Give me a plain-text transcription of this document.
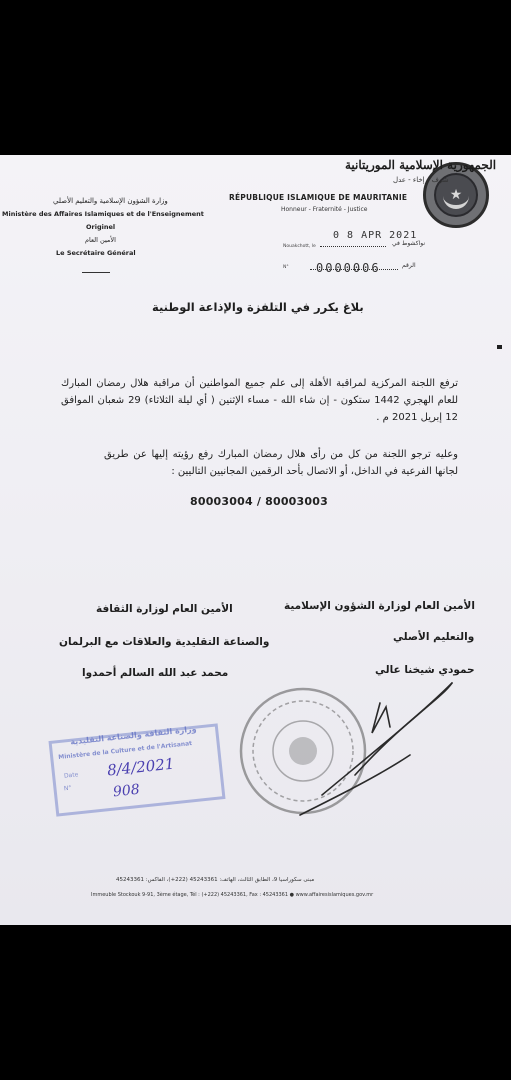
★
الجمهورية الإسلامية الموريتانية
شرف - إخاء - عدل
RÉPUBLIQUE ISLAMIQUE DE MAURITANIE
Honneur - Fraternité - Justice
وزارة الشؤون الإسلامية والتعليم الأصلي
Ministère des Affaires Islamiques et de l'Enseignement
Originel
الأمين العام
Le Secrétaire Général
Nouakchott, le	نواكشوط في
0 8 APR 2021
N°	الرقم
0000006
بلاغ يكرر في التلفزة والإذاعة الوطنية
ترفع اللجنة المركزية لمراقبة الأهلة إلى علم جميع المواطنين أن مراقبة هلال رمضان المبارك للعام الهجري 1442 ستكون - إن شاء الله - مساء الإثنين ( أي ليلة الثلاثاء) 29 شعبان الموافق 12 إبريل 2021 م .
وعليه ترجو اللجنة من كل من رأى هلال رمضان المبارك رفع رؤيته إليها عن طريق لجانها الفرعية في الداخل، أو الاتصال بأحد الرقمين المجانيين التاليين :
80003004 / 80003003
الأمين العام لوزارة الشؤون الإسلامية
والتعليم الأصلي
حمودي شيخنا عالي
الأمين العام لوزارة الثقافة
والصناعة التقليدية والعلاقات مع البرلمان
محمد عبد الله السالم أحمدوا
وزارة الثقافة والصناعة التقليدية
Ministère de la Culture et de l'Artisanat
Date
N°
8/4/2021
908
مبنى سكوراسيا 9، الطابق الثالث، الهاتف: 45243361 (222+)، الفاكس: 45243361
Immeuble Stockouk 9-91, 3ème étage, Tél : (+222) 45243361, Fax : 45243361 ● www.affairesislamiques.gov.mr
